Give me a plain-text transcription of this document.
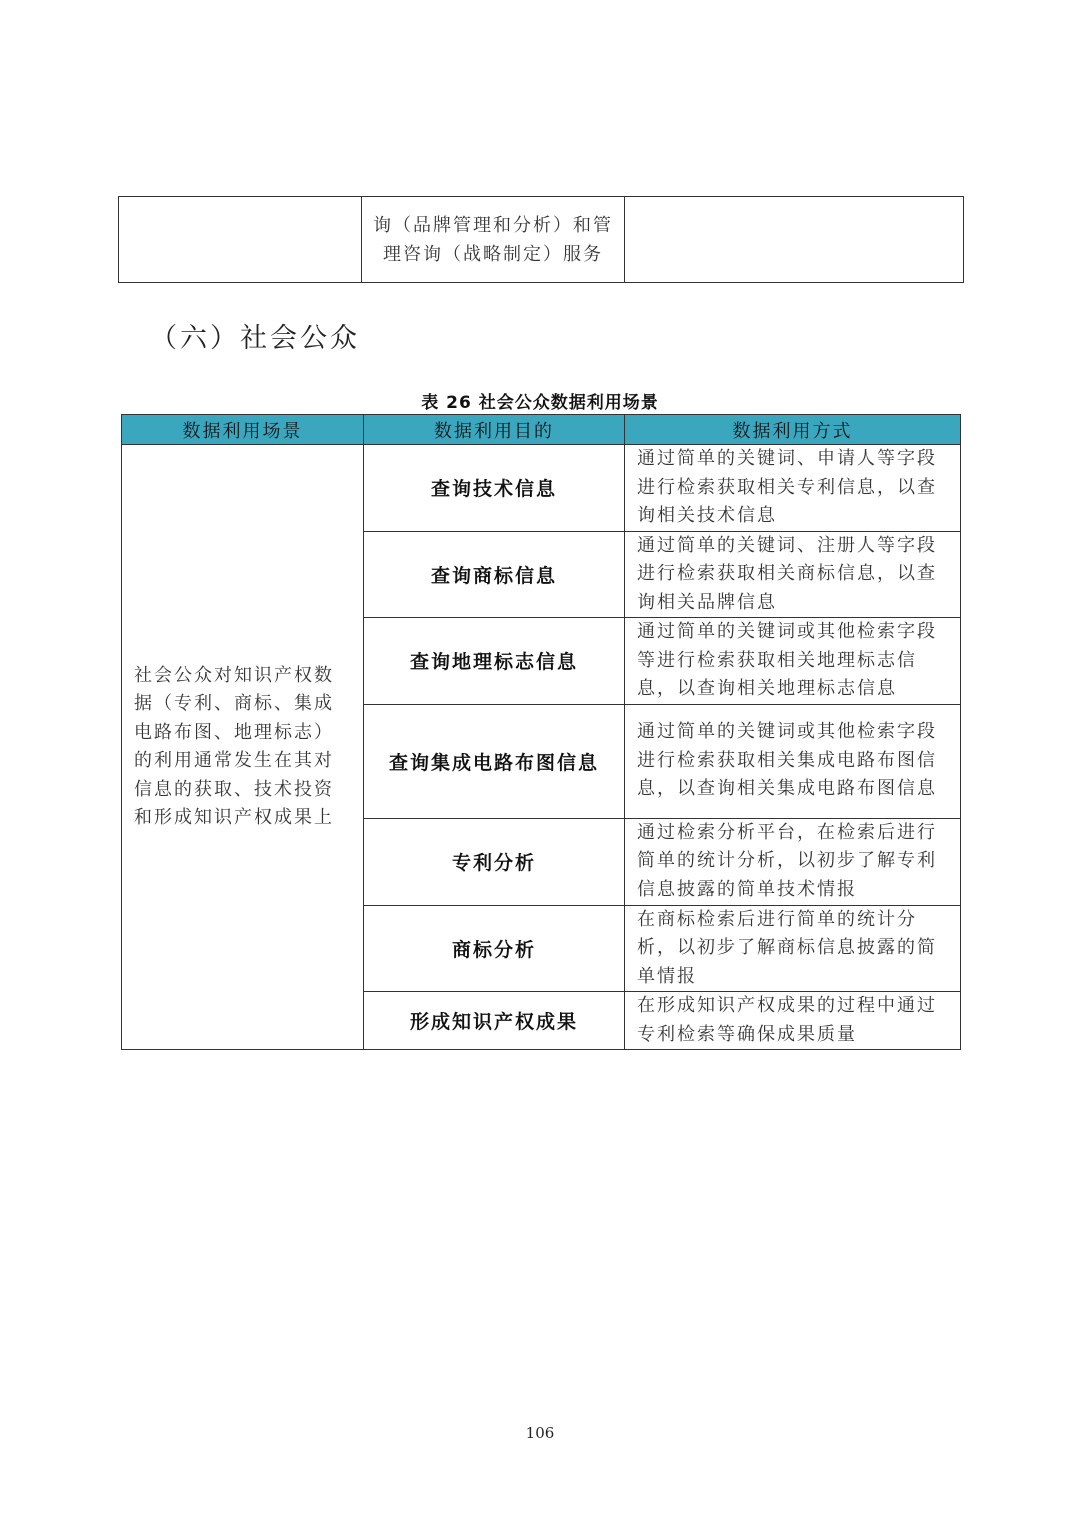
	询（品牌管理和分析）和管理咨询（战略制定）服务	
（六）社会公众
表 26 社会公众数据利用场景
数据利用场景	数据利用目的	数据利用方式
社会公众对知识产权数据（专利、商标、集成电路布图、地理标志）的利用通常发生在其对信息的获取、技术投资和形成知识产权成果上	查询技术信息	通过简单的关键词、申请人等字段进行检索获取相关专利信息，以查询相关技术信息
	查询商标信息	通过简单的关键词、注册人等字段进行检索获取相关商标信息，以查询相关品牌信息
	查询地理标志信息	通过简单的关键词或其他检索字段等进行检索获取相关地理标志信息，以查询相关地理标志信息
	查询集成电路布图信息	通过简单的关键词或其他检索字段进行检索获取相关集成电路布图信息，以查询相关集成电路布图信息
	专利分析	通过检索分析平台，在检索后进行简单的统计分析，以初步了解专利信息披露的简单技术情报
	商标分析	在商标检索后进行简单的统计分析，以初步了解商标信息披露的简单情报
	形成知识产权成果	在形成知识产权成果的过程中通过专利检索等确保成果质量
106
